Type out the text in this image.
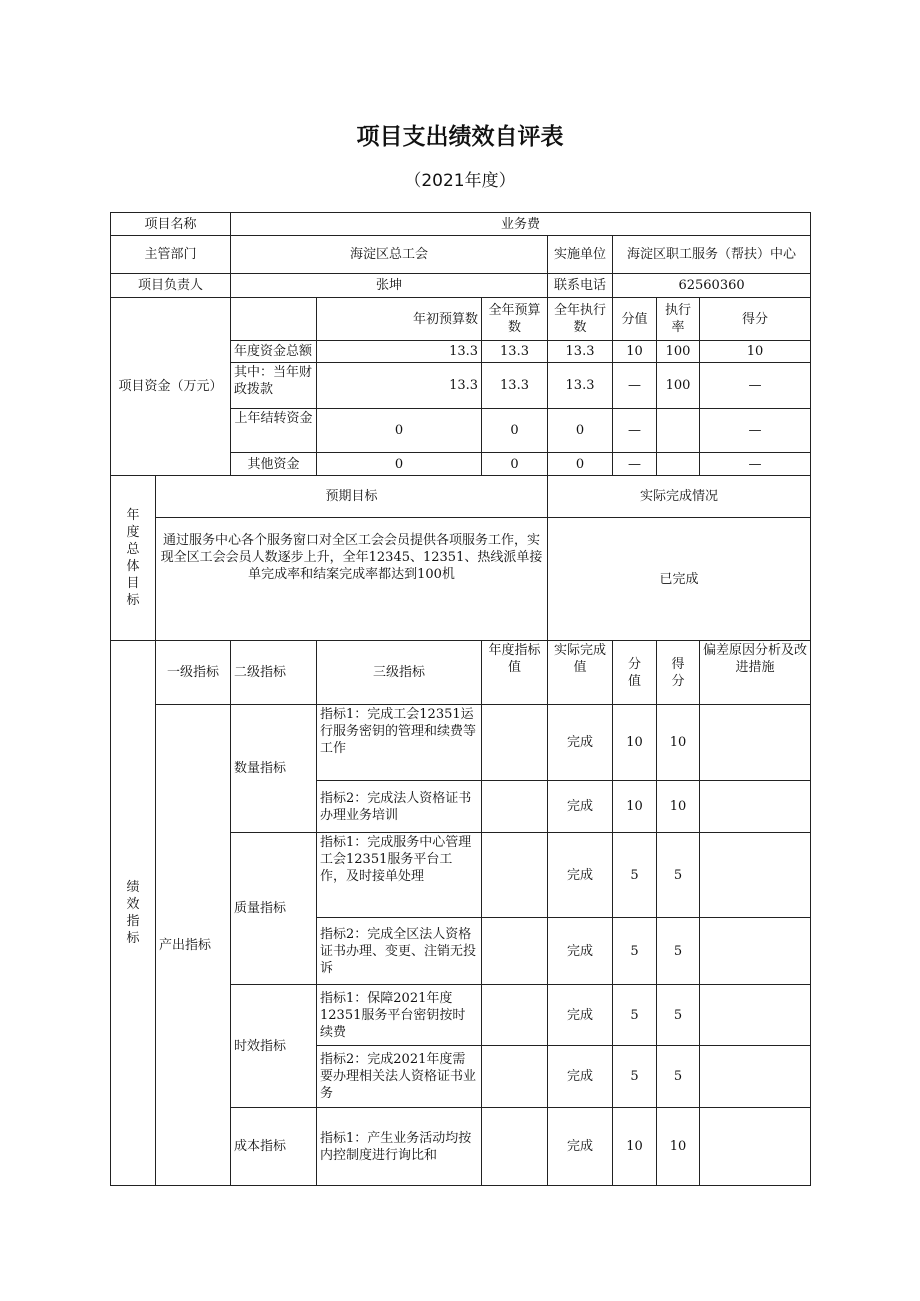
项目支出绩效自评表
（2021年度）
项目名称		业务费						
主管部门		海淀区总工会			实施单位	海淀区职工服务（帮扶）中心		
项目负责人		张坤			联系电话	62560360		
项目资金（万元）			年初预算数	全年预算数	全年执行数	分值	执行率	得分
		年度资金总额	13.3	13.3	13.3	10	100	10
		其中：当年财政拨款	13.3	13.3	13.3	—	100	—
		上年结转资金	0	0	0	—		—
		其他资金	0	0	0	—		—

年度总体目标	预期目标				实际完成情况			
	通过服务中心各个服务窗口对全区工会会员提供各项服务工作，实现全区工会会员人数逐步上升，全年12345、12351、热线派单接单完成率和结案完成率都达到100机				已完成			

绩效指标	一级指标	二级指标	三级指标	年度指标值	实际完成值	分值	得分	偏差原因分析及改进措施
	产出指标	数量指标	指标1：完成工会12351运行服务密钥的管理和续费等工作		完成	10	10	
			指标2：完成法人资格证书办理业务培训		完成	10	10	
		质量指标	指标1：完成服务中心管理工会12351服务平台工作，及时接单处理		完成	5	5	
			指标2：完成全区法人资格证书办理、变更、注销无投诉		完成	5	5	
		时效指标	指标1：保障2021年度12351服务平台密钥按时续费		完成	5	5	
			指标2：完成2021年度需要办理相关法人资格证书业务		完成	5	5	
		成本指标	指标1：产生业务活动均按内控制度进行询比和		完成	10	10	
